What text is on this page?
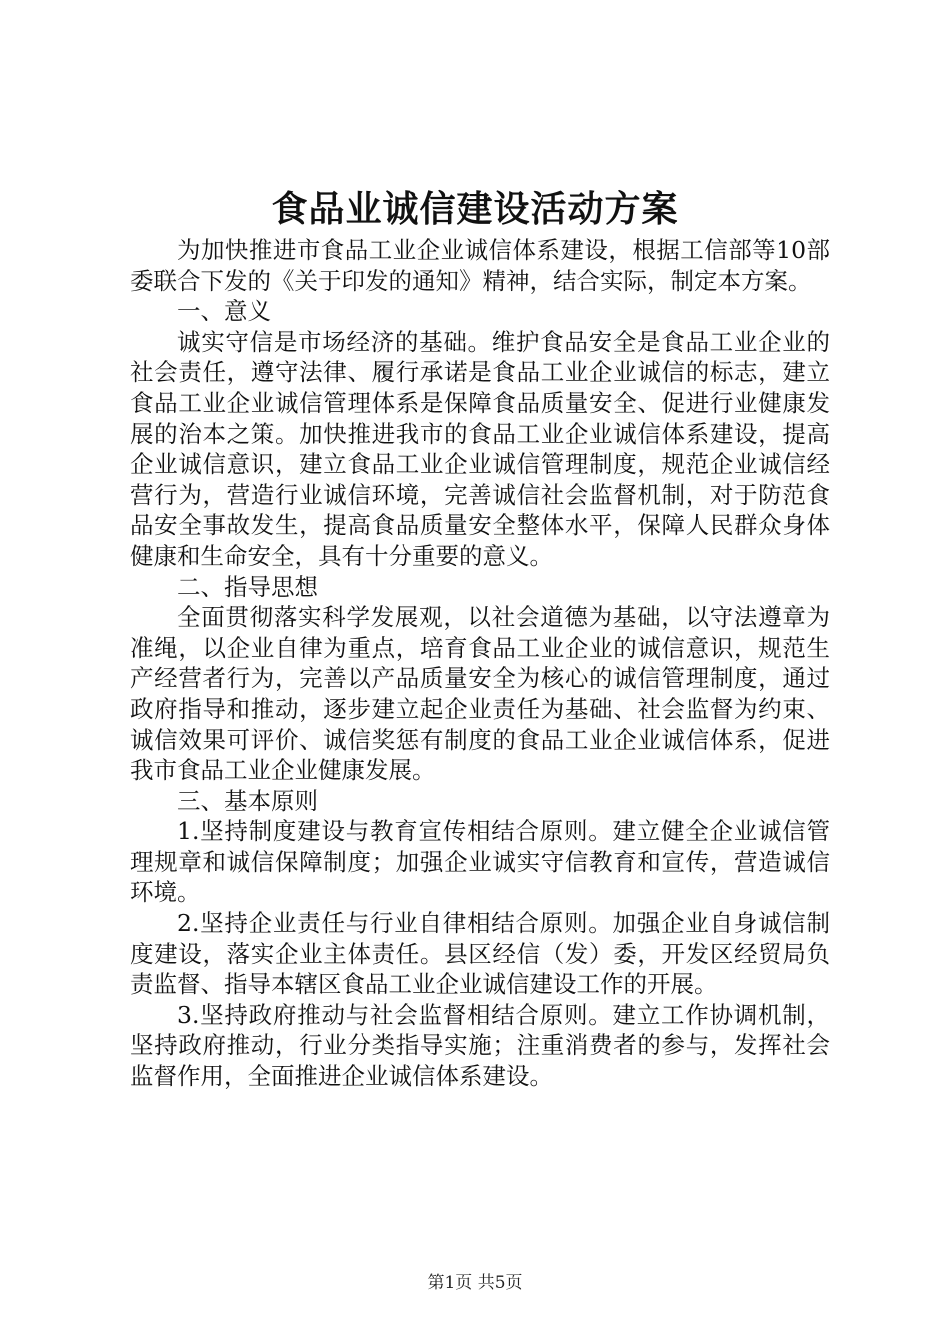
食品业诚信建设活动方案

为加快推进市食品工业企业诚信体系建设，根据工信部等10部委联合下发的《关于印发的通知》精神，结合实际，制定本方案。

一、意义

诚实守信是市场经济的基础。维护食品安全是食品工业企业的社会责任，遵守法律、履行承诺是食品工业企业诚信的标志，建立食品工业企业诚信管理体系是保障食品质量安全、促进行业健康发展的治本之策。加快推进我市的食品工业企业诚信体系建设，提高企业诚信意识，建立食品工业企业诚信管理制度，规范企业诚信经营行为，营造行业诚信环境，完善诚信社会监督机制，对于防范食品安全事故发生，提高食品质量安全整体水平，保障人民群众身体健康和生命安全，具有十分重要的意义。

二、指导思想

全面贯彻落实科学发展观，以社会道德为基础，以守法遵章为准绳，以企业自律为重点，培育食品工业企业的诚信意识，规范生产经营者行为，完善以产品质量安全为核心的诚信管理制度，通过政府指导和推动，逐步建立起企业责任为基础、社会监督为约束、诚信效果可评价、诚信奖惩有制度的食品工业企业诚信体系，促进我市食品工业企业健康发展。

三、基本原则

1.坚持制度建设与教育宣传相结合原则。建立健全企业诚信管理规章和诚信保障制度；加强企业诚实守信教育和宣传，营造诚信环境。

2.坚持企业责任与行业自律相结合原则。加强企业自身诚信制度建设，落实企业主体责任。县区经信（发）委，开发区经贸局负责监督、指导本辖区食品工业企业诚信建设工作的开展。

3.坚持政府推动与社会监督相结合原则。建立工作协调机制，坚持政府推动，行业分类指导实施；注重消费者的参与，发挥社会监督作用，全面推进企业诚信体系建设。

第1页 共5页
